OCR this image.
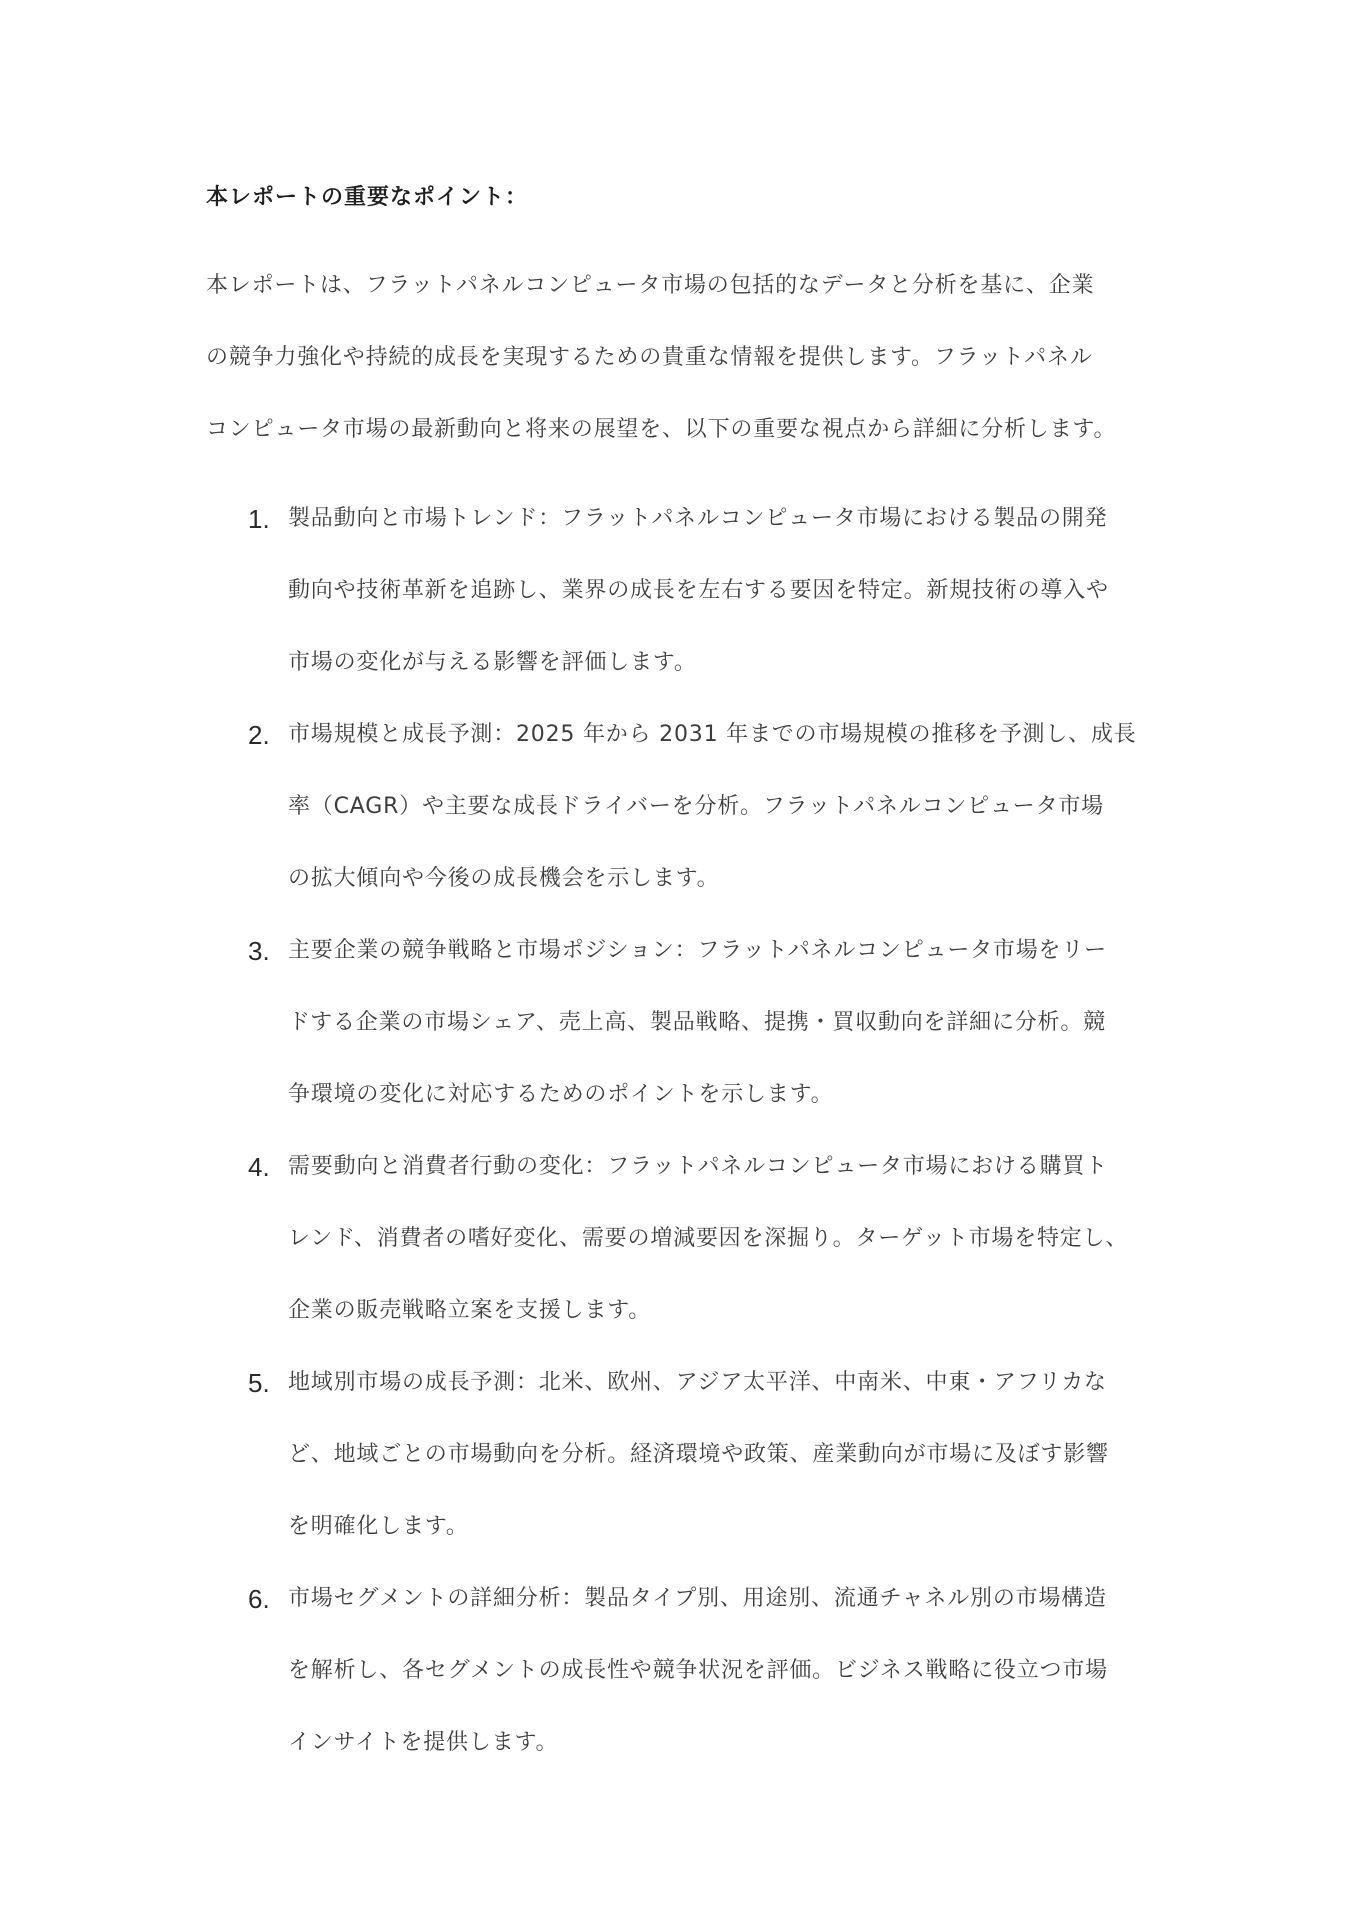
本レポートの重要なポイント：
本レポートは、フラットパネルコンピュータ市場の包括的なデータと分析を基に、企業
の競争力強化や持続的成長を実現するための貴重な情報を提供します。フラットパネル
コンピュータ市場の最新動向と将来の展望を、以下の重要な視点から詳細に分析します。
1. 製品動向と市場トレンド：フラットパネルコンピュータ市場における製品の開発
動向や技術革新を追跡し、業界の成長を左右する要因を特定。新規技術の導入や
市場の変化が与える影響を評価します。
2. 市場規模と成長予測：2025 年から 2031 年までの市場規模の推移を予測し、成長
率（CAGR）や主要な成長ドライバーを分析。フラットパネルコンピュータ市場
の拡大傾向や今後の成長機会を示します。
3. 主要企業の競争戦略と市場ポジション：フラットパネルコンピュータ市場をリー
ドする企業の市場シェア、売上高、製品戦略、提携・買収動向を詳細に分析。競
争環境の変化に対応するためのポイントを示します。
4. 需要動向と消費者行動の変化：フラットパネルコンピュータ市場における購買ト
レンド、消費者の嗜好変化、需要の増減要因を深掘り。ターゲット市場を特定し、
企業の販売戦略立案を支援します。
5. 地域別市場の成長予測：北米、欧州、アジア太平洋、中南米、中東・アフリカな
ど、地域ごとの市場動向を分析。経済環境や政策、産業動向が市場に及ぼす影響
を明確化します。
6. 市場セグメントの詳細分析：製品タイプ別、用途別、流通チャネル別の市場構造
を解析し、各セグメントの成長性や競争状況を評価。ビジネス戦略に役立つ市場
インサイトを提供します。
